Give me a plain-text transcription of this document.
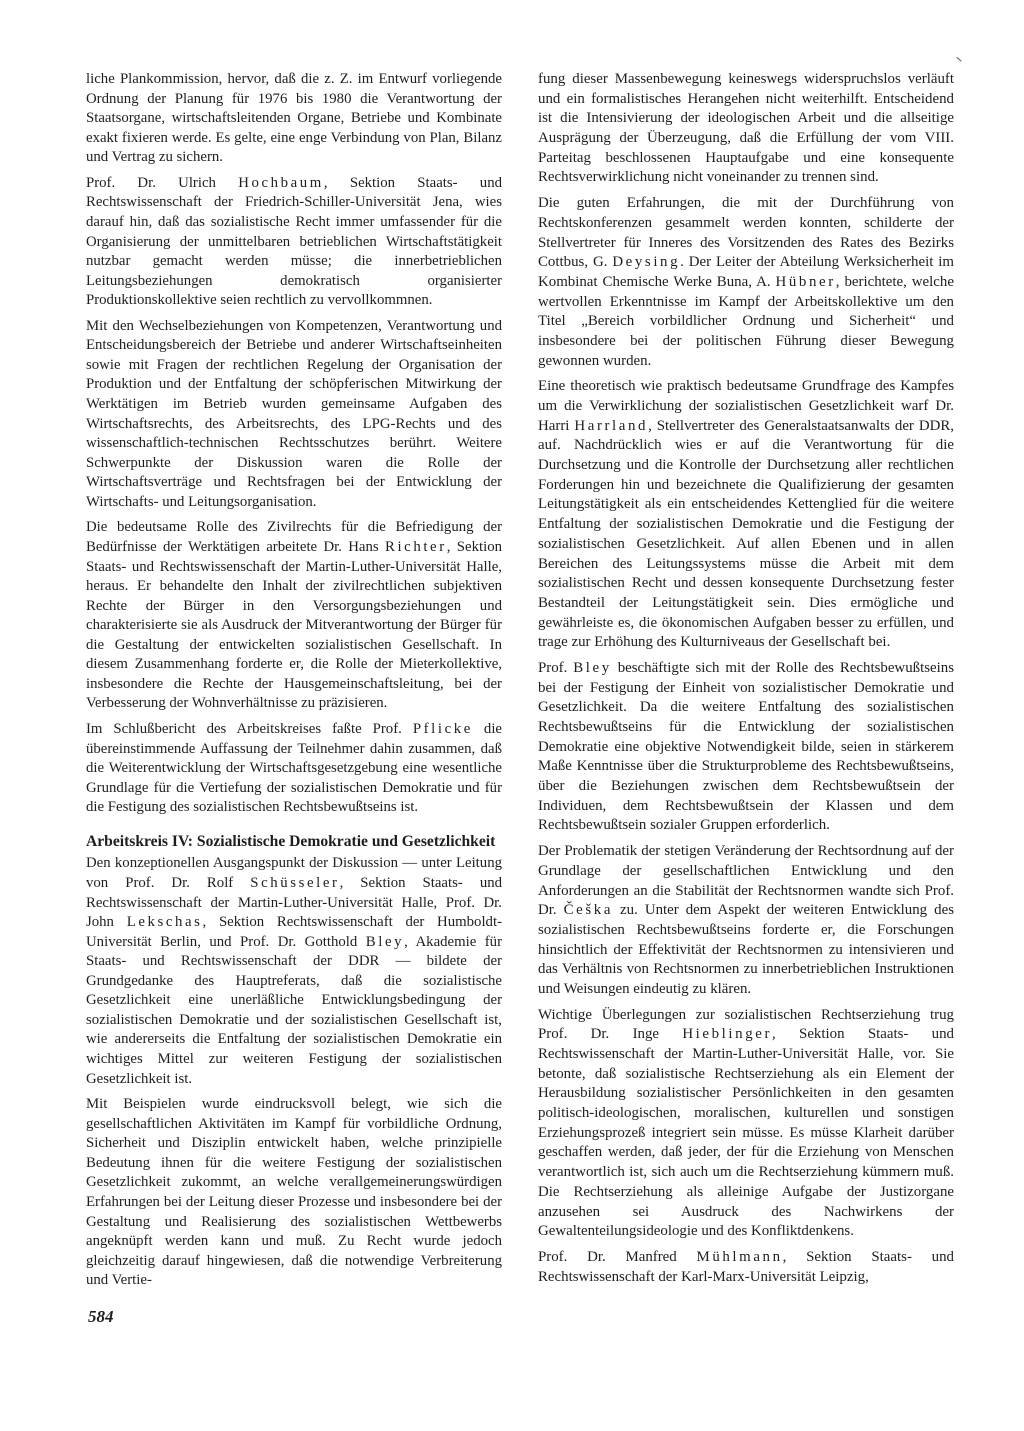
liche Plankommission, hervor, daß die z. Z. im Entwurf vorliegende Ordnung der Planung für 1976 bis 1980 die Verantwortung der Staatsorgane, wirtschaftsleitenden Organe, Betriebe und Kombinate exakt fixieren werde. Es gelte, eine enge Verbindung von Plan, Bilanz und Vertrag zu sichern.

Prof. Dr. Ulrich Hochbaum, Sektion Staats- und Rechtswissenschaft der Friedrich-Schiller-Universität Jena, wies darauf hin, daß das sozialistische Recht immer umfassender für die Organisierung der unmittelbaren betrieblichen Wirtschaftstätigkeit nutzbar gemacht werden müsse; die innerbetrieblichen Leitungsbeziehungen demokratisch organisierter Produktionskollektive seien rechtlich zu vervollkommnen.

Mit den Wechselbeziehungen von Kompetenzen, Verantwortung und Entscheidungsbereich der Betriebe und anderer Wirtschaftseinheiten sowie mit Fragen der rechtlichen Regelung der Organisation der Produktion und der Entfaltung der schöpferischen Mitwirkung der Werktätigen im Betrieb wurden gemeinsame Aufgaben des Wirtschaftsrechts, des Arbeitsrechts, des LPG-Rechts und des wissenschaftlich-technischen Rechtsschutzes berührt. Weitere Schwerpunkte der Diskussion waren die Rolle der Wirtschaftsverträge und Rechtsfragen bei der Entwicklung der Wirtschafts- und Leitungsorganisation.

Die bedeutsame Rolle des Zivilrechts für die Befriedigung der Bedürfnisse der Werktätigen arbeitete Dr. Hans Richter, Sektion Staats- und Rechtswissenschaft der Martin-Luther-Universität Halle, heraus. Er behandelte den Inhalt der zivilrechtlichen subjektiven Rechte der Bürger in den Versorgungsbeziehungen und charakterisierte sie als Ausdruck der Mitverantwortung der Bürger für die Gestaltung der entwickelten sozialistischen Gesellschaft. In diesem Zusammenhang forderte er, die Rolle der Mieterkollektive, insbesondere die Rechte der Hausgemeinschaftsleitung, bei der Verbesserung der Wohnverhältnisse zu präzisieren.

Im Schlußbericht des Arbeitskreises faßte Prof. Pflicke die übereinstimmende Auffassung der Teilnehmer dahin zusammen, daß die Weiterentwicklung der Wirtschaftsgesetzgebung eine wesentliche Grundlage für die Vertiefung der sozialistischen Demokratie und für die Festigung des sozialistischen Rechtsbewußtseins ist.

Arbeitskreis IV: Sozialistische Demokratie und Gesetzlichkeit

Den konzeptionellen Ausgangspunkt der Diskussion — unter Leitung von Prof. Dr. Rolf Schüsseler, Sektion Staats- und Rechtswissenschaft der Martin-Luther-Universität Halle, Prof. Dr. John Lekschas, Sektion Rechtswissenschaft der Humboldt-Universität Berlin, und Prof. Dr. Gotthold Bley, Akademie für Staats- und Rechtswissenschaft der DDR — bildete der Grundgedanke des Hauptreferats, daß die sozialistische Gesetzlichkeit eine unerläßliche Entwicklungsbedingung der sozialistischen Demokratie und der sozialistischen Gesellschaft ist, wie andererseits die Entfaltung der sozialistischen Demokratie ein wichtiges Mittel zur weiteren Festigung der sozialistischen Gesetzlichkeit ist.

Mit Beispielen wurde eindrucksvoll belegt, wie sich die gesellschaftlichen Aktivitäten im Kampf für vorbildliche Ordnung, Sicherheit und Disziplin entwickelt haben, welche prinzipielle Bedeutung ihnen für die weitere Festigung der sozialistischen Gesetzlichkeit zukommt, an welche verallgemeinerungswürdigen Erfahrungen bei der Leitung dieser Prozesse und insbesondere bei der Gestaltung und Realisierung des sozialistischen Wettbewerbs angeknüpft werden kann und muß. Zu Recht wurde jedoch gleichzeitig darauf hingewiesen, daß die notwendige Verbreiterung und Vertie-

fung dieser Massenbewegung keineswegs widerspruchslos verläuft und ein formalistisches Herangehen nicht weiterhilft. Entscheidend ist die Intensivierung der ideologischen Arbeit und die allseitige Ausprägung der Überzeugung, daß die Erfüllung der vom VIII. Parteitag beschlossenen Hauptaufgabe und eine konsequente Rechtsverwirklichung nicht voneinander zu trennen sind.

Die guten Erfahrungen, die mit der Durchführung von Rechtskonferenzen gesammelt werden konnten, schilderte der Stellvertreter für Inneres des Vorsitzenden des Rates des Bezirks Cottbus, G. Deysing. Der Leiter der Abteilung Werksicherheit im Kombinat Chemische Werke Buna, A. Hübner, berichtete, welche wertvollen Erkenntnisse im Kampf der Arbeitskollektive um den Titel „Bereich vorbildlicher Ordnung und Sicherheit“ und insbesondere bei der politischen Führung dieser Bewegung gewonnen wurden.

Eine theoretisch wie praktisch bedeutsame Grundfrage des Kampfes um die Verwirklichung der sozialistischen Gesetzlichkeit warf Dr. Harri Harrland, Stellvertreter des Generalstaatsanwalts der DDR, auf. Nachdrücklich wies er auf die Verantwortung für die Durchsetzung und die Kontrolle der Durchsetzung aller rechtlichen Forderungen hin und bezeichnete die Qualifizierung der gesamten Leitungstätigkeit als ein entscheidendes Kettenglied für die weitere Entfaltung der sozialistischen Demokratie und die Festigung der sozialistischen Gesetzlichkeit. Auf allen Ebenen und in allen Bereichen des Leitungssystems müsse die Arbeit mit dem sozialistischen Recht und dessen konsequente Durchsetzung fester Bestandteil der Leitungstätigkeit sein. Dies ermögliche und gewährleiste es, die ökonomischen Aufgaben besser zu erfüllen, und trage zur Erhöhung des Kulturniveaus der Gesellschaft bei.

Prof. Bley beschäftigte sich mit der Rolle des Rechtsbewußtseins bei der Festigung der Einheit von sozialistischer Demokratie und Gesetzlichkeit. Da die weitere Entfaltung des sozialistischen Rechtsbewußtseins für die Entwicklung der sozialistischen Demokratie eine objektive Notwendigkeit bilde, seien in stärkerem Maße Kenntnisse über die Strukturprobleme des Rechtsbewußtseins, über die Beziehungen zwischen dem Rechtsbewußtsein der Individuen, dem Rechtsbewußtsein der Klassen und dem Rechtsbewußtsein sozialer Gruppen erforderlich.

Der Problematik der stetigen Veränderung der Rechtsordnung auf der Grundlage der gesellschaftlichen Entwicklung und den Anforderungen an die Stabilität der Rechtsnormen wandte sich Prof. Dr. Češka zu. Unter dem Aspekt der weiteren Entwicklung des sozialistischen Rechtsbewußtseins forderte er, die Forschungen hinsichtlich der Effektivität der Rechtsnormen zu intensivieren und das Verhältnis von Rechtsnormen zu innerbetrieblichen Instruktionen und Weisungen eindeutig zu klären.

Wichtige Überlegungen zur sozialistischen Rechtserziehung trug Prof. Dr. Inge Hieblinger, Sektion Staats- und Rechtswissenschaft der Martin-Luther-Universität Halle, vor. Sie betonte, daß sozialistische Rechtserziehung als ein Element der Herausbildung sozialistischer Persönlichkeiten in den gesamten politisch-ideologischen, moralischen, kulturellen und sonstigen Erziehungsprozeß integriert sein müsse. Es müsse Klarheit darüber geschaffen werden, daß jeder, der für die Erziehung von Menschen verantwortlich ist, sich auch um die Rechtserziehung kümmern muß. Die Rechtserziehung als alleinige Aufgabe der Justizorgane anzusehen sei Ausdruck des Nachwirkens der Gewaltenteilungsideologie und des Konfliktdenkens.

Prof. Dr. Manfred Mühlmann, Sektion Staats- und Rechtswissenschaft der Karl-Marx-Universität Leipzig,

584
